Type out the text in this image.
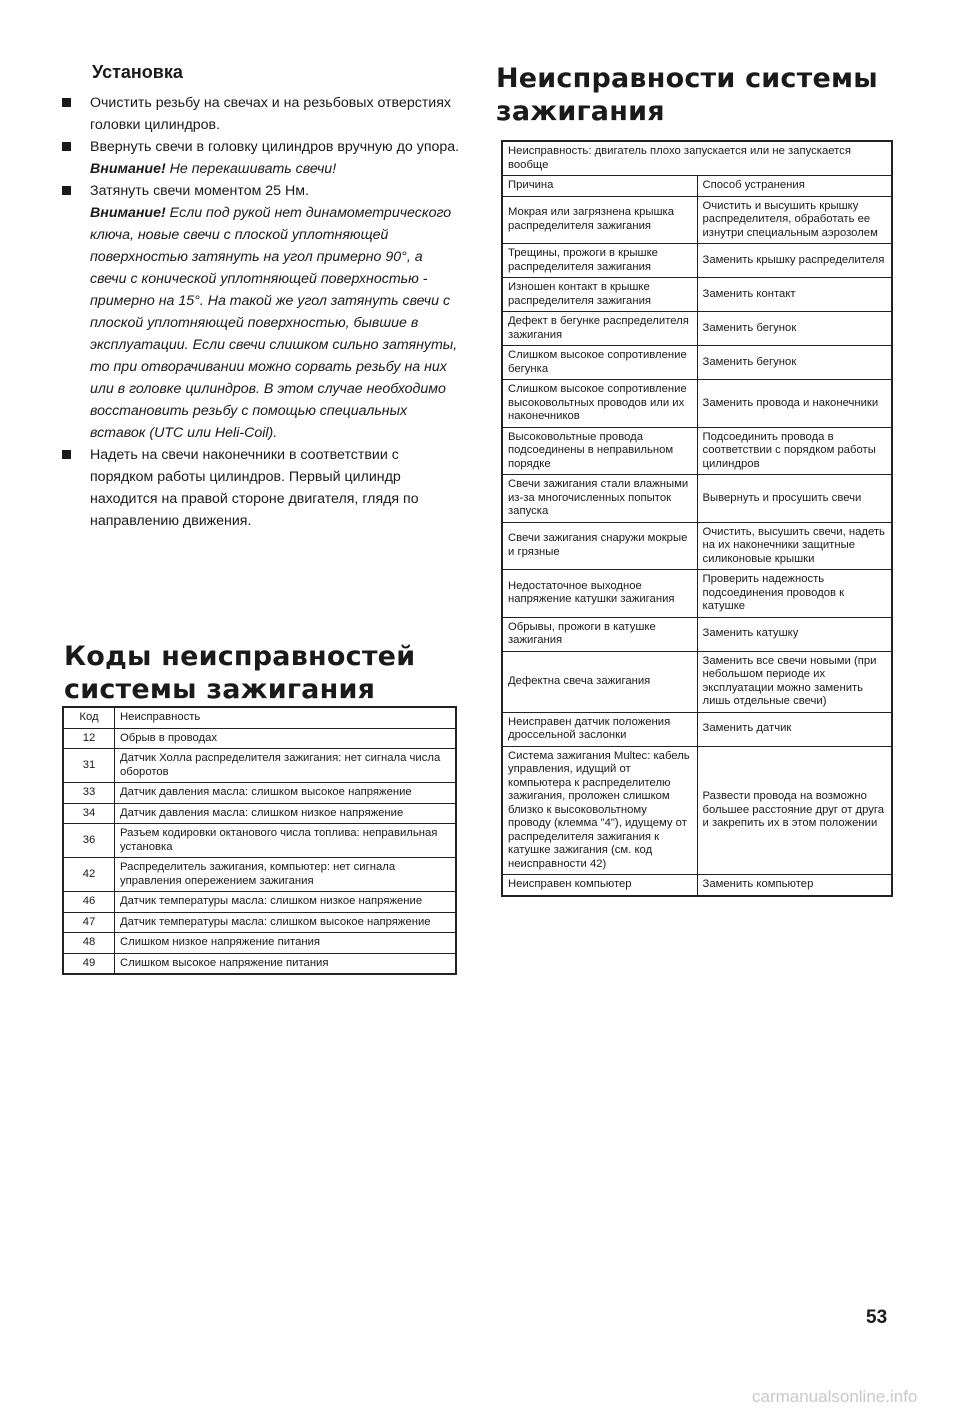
Установка

Очистить резьбу на свечах и на резьбовых отверстиях головки цилиндров.

Ввернуть свечи в головку цилиндров вручную до упора.

Внимание! Не перекашивать свечи!

Затянуть свечи моментом 25 Нм.

Внимание! Если под рукой нет динамометрического ключа, новые свечи с плоской уплотняющей поверхностью затянуть на угол примерно 90°, а свечи с конической уплотняющей поверхностью - примерно на 15°. На такой же угол затянуть свечи с плоской уплотняющей поверхностью, бывшие в эксплуатации. Если свечи слишком сильно затянуты, то при отворачивании можно сорвать резьбу на них или в головке цилиндров. В этом случае необходимо восстановить резьбу с помощью специальных вставок (UTC или Heli-Coil).

Надеть на свечи наконечники в соответствии с порядком работы цилиндров. Первый цилиндр находится на правой стороне двигателя, глядя по направлению движения.

Коды неисправностей системы зажигания
Код	Неисправность
12	Обрыв в проводах
31	Датчик Холла распределителя зажигания: нет сигнала числа оборотов
33	Датчик давления масла: слишком высокое напряжение
34	Датчик давления масла: слишком низкое напряжение
36	Разъем кодировки октанового числа топлива: неправильная установка
42	Распределитель зажигания, компьютер: нет сигнала управления опережением зажигания
46	Датчик температуры масла: слишком низкое напряжение
47	Датчик температуры масла: слишком высокое напряжение
48	Слишком низкое напряжение питания
49	Слишком высокое напряжение питания
Неисправности системы зажигания
Неисправность: двигатель плохо запускается или не запускается вообще	
Причина	Способ устранения
Мокрая или загрязнена крышка распределителя зажигания	Очистить и высушить крышку распределителя, обработать ее изнутри специальным аэрозолем
Трещины, прожоги в крышке распределителя зажигания	Заменить крышку распределителя
Изношен контакт в крышке распределителя зажигания	Заменить контакт
Дефект в бегунке распределителя зажигания	Заменить бегунок
Слишком высокое сопротивление бегунка	Заменить бегунок
Слишком высокое сопротивление высоковольтных проводов или их наконечников	Заменить провода и наконечники
Высоковольтные провода подсоединены в неправильном порядке	Подсоединить провода в соответствии с порядком работы цилиндров
Свечи зажигания стали влажными из-за многочисленных попыток запуска	Вывернуть и просушить свечи
Свечи зажигания снаружи мокрые и грязные	Очистить, высушить свечи, надеть на их наконечники защитные силиконовые крышки
Недостаточное выходное напряжение катушки зажигания	Проверить надежность подсоединения проводов к катушке
Обрывы, прожоги в катушке зажигания	Заменить катушку
Дефектна свеча зажигания	Заменить все свечи новыми (при небольшом периоде их эксплуатации можно заменить лишь отдельные свечи)
Неисправен датчик положения дроссельной заслонки	Заменить датчик
Система зажигания Multec: кабель управления, идущий от компьютера к распределителю зажигания, проложен слишком близко к высоковольтному проводу (клемма "4"), идущему от распределителя зажигания к катушке зажигания (см. код неисправности 42)	Развести провода на возможно большее расстояние друг от друга и закрепить их в этом положении
Неисправен компьютер	Заменить компьютер

53

carmanualsonline.info
